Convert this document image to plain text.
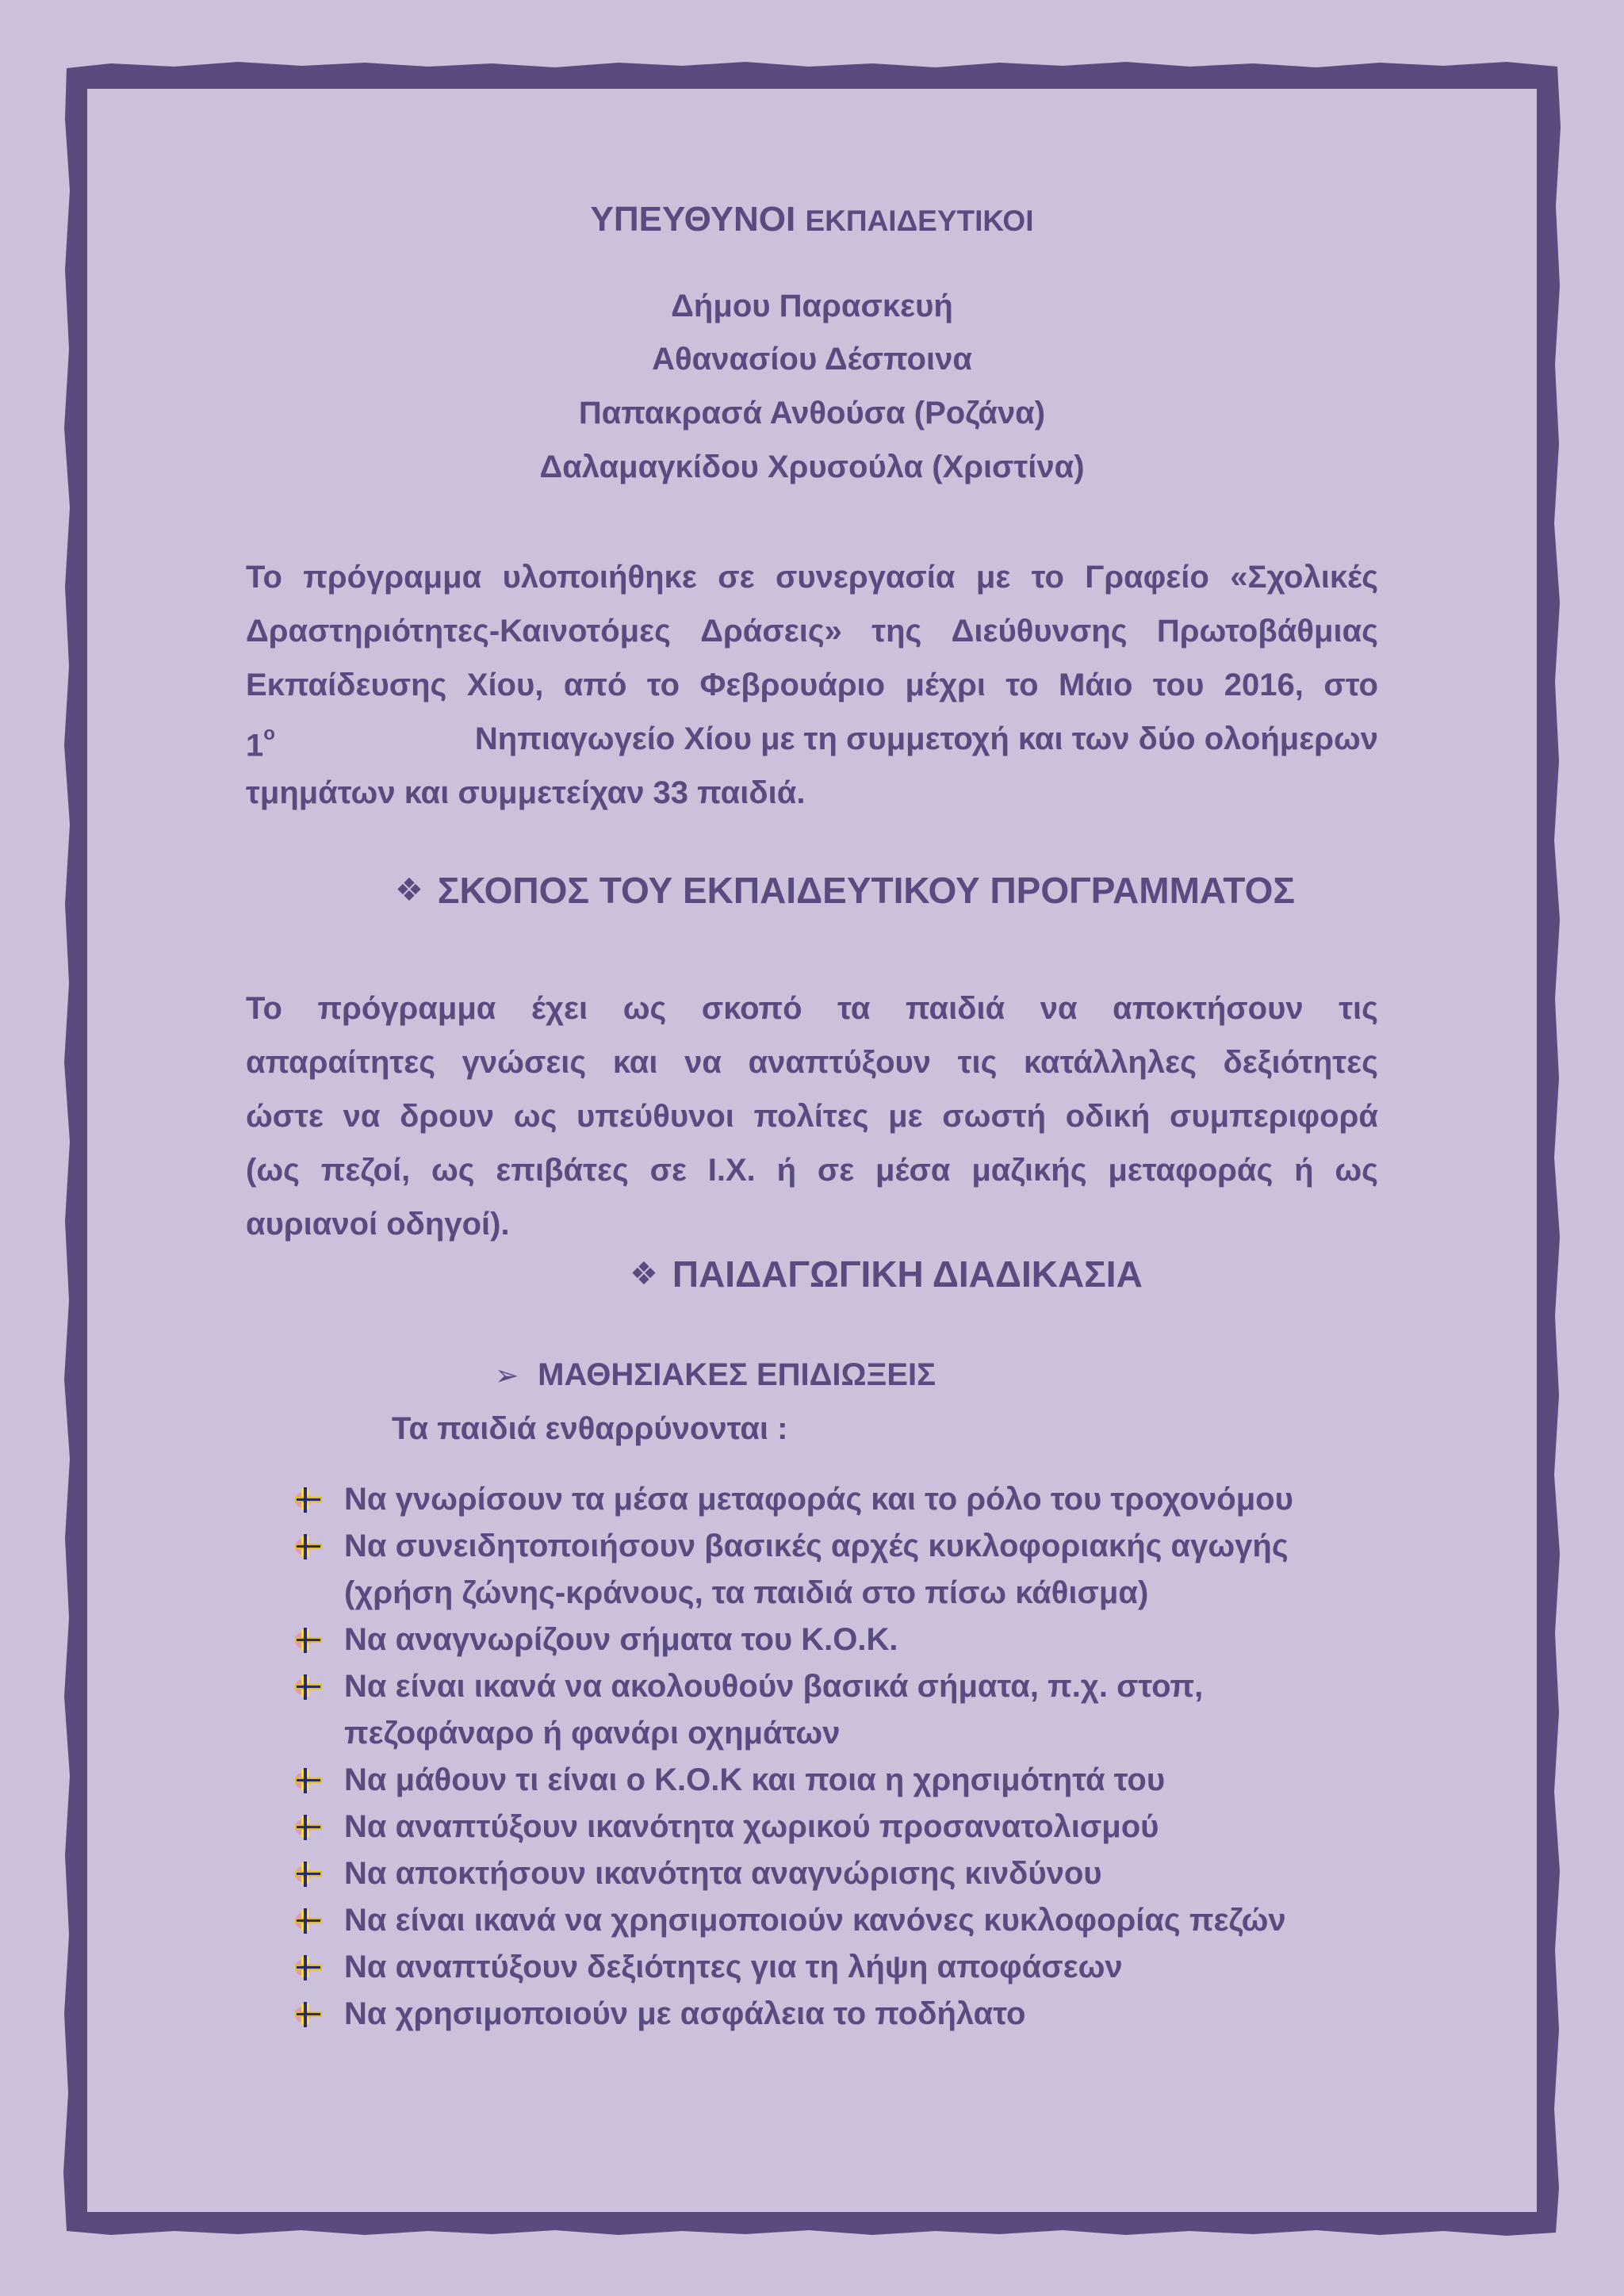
ΥΠΕΥΘΥΝΟΙ ΕΚΠΑΙΔΕΥΤΙΚΟΙ
Δήμου Παρασκευή
Αθανασίου Δέσποινα
Παπακρασά Ανθούσα (Ροζάνα)
Δαλαμαγκίδου Χρυσούλα (Χριστίνα)
Το πρόγραμμα υλοποιήθηκε σε συνεργασία με το Γραφείο «Σχολικές
Δραστηριότητες-Καινοτόμες Δράσεις» της Διεύθυνσης Πρωτοβάθμιας
Εκπαίδευσης Χίου, από το Φεβρουάριο μέχρι το Μάιο του 2016, στο
$1^o$	Νηπιαγωγείο Χίου με τη συμμετοχή και των δύο ολοήμερων
τμημάτων και συμμετείχαν 33 παιδιά.
❖ ΣΚΟΠΟΣ ΤΟΥ ΕΚΠΑΙΔΕΥΤΙΚΟΥ ΠΡΟΓΡΑΜΜΑΤΟΣ
Το πρόγραμμα έχει ως σκοπό τα παιδιά να αποκτήσουν τις
απαραίτητες γνώσεις και να αναπτύξουν τις κατάλληλες δεξιότητες
ώστε να δρουν ως υπεύθυνοι πολίτες με σωστή οδική συμπεριφορά
(ως πεζοί, ως επιβάτες σε Ι.Χ. ή σε μέσα μαζικής μεταφοράς ή ως
αυριανοί οδηγοί).
❖ ΠΑΙΔΑΓΩΓΙΚΗ ΔΙΑΔΙΚΑΣΙΑ
➢ ΜΑΘΗΣΙΑΚΕΣ ΕΠΙΔΙΩΞΕΙΣ
Τα παιδιά ενθαρρύνονται :
Να γνωρίσουν τα μέσα μεταφοράς και το ρόλο του τροχονόμου
Να συνειδητοποιήσουν βασικές αρχές κυκλοφοριακής αγωγής
(χρήση ζώνης-κράνους, τα παιδιά στο πίσω κάθισμα)
Να αναγνωρίζουν σήματα του Κ.Ο.Κ.
Να είναι ικανά να ακολουθούν βασικά σήματα, π.χ. στοπ,
πεζοφάναρο ή φανάρι οχημάτων
Να μάθουν τι είναι ο Κ.Ο.Κ και ποια η χρησιμότητά του
Να αναπτύξουν ικανότητα χωρικού προσανατολισμού
Να αποκτήσουν ικανότητα αναγνώρισης κινδύνου
Να είναι ικανά να χρησιμοποιούν κανόνες κυκλοφορίας πεζών
Να αναπτύξουν δεξιότητες για τη λήψη αποφάσεων
Να χρησιμοποιούν με ασφάλεια το ποδήλατο
